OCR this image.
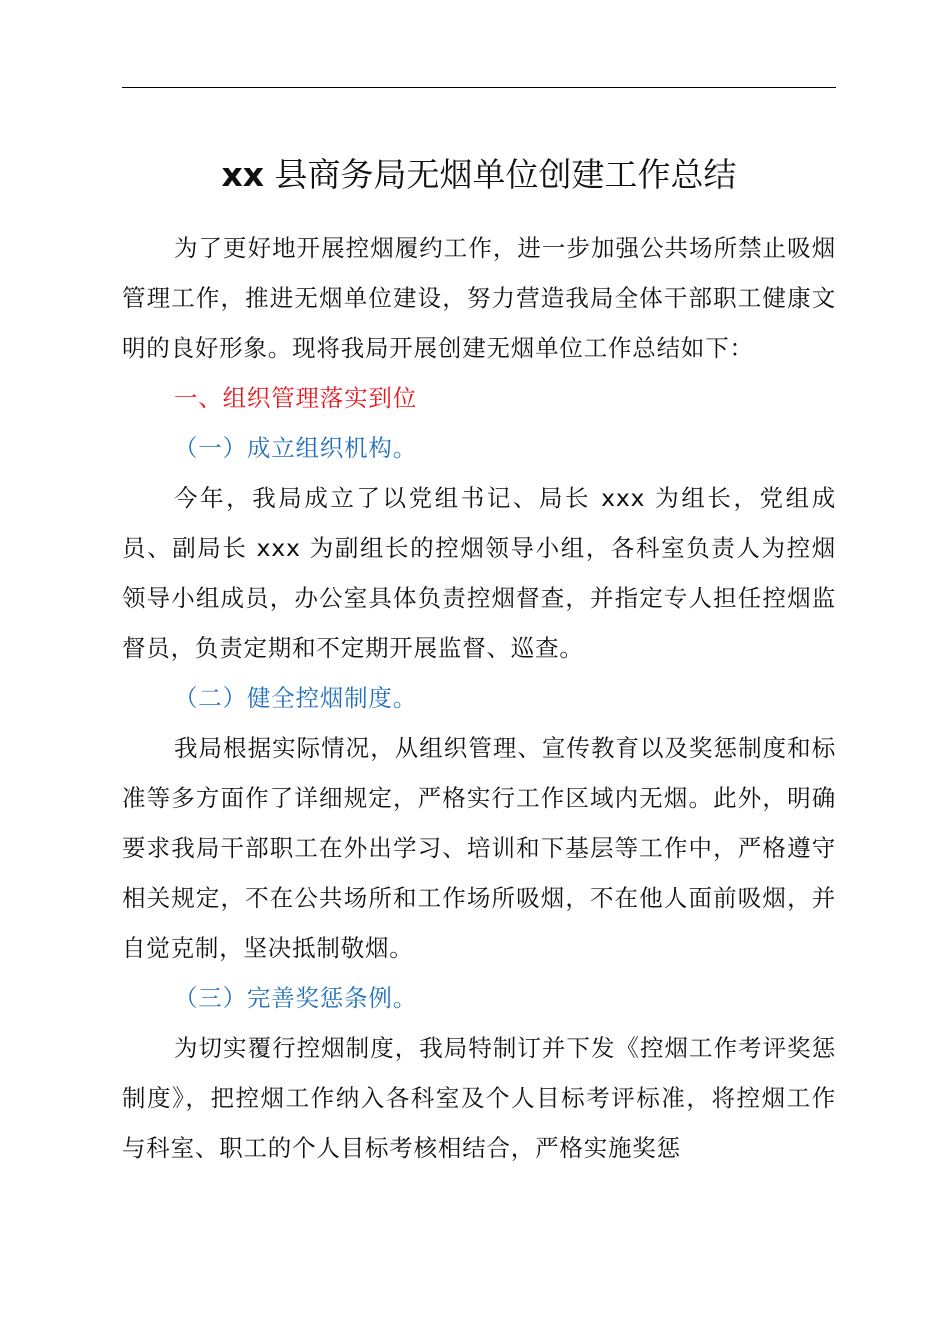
xx 县商务局无烟单位创建工作总结

为了更好地开展控烟履约工作，进一步加强公共场所禁止吸烟管理工作，推进无烟单位建设，努力营造我局全体干部职工健康文明的良好形象。现将我局开展创建无烟单位工作总结如下：

一、组织管理落实到位

（一）成立组织机构。

今年，我局成立了以党组书记、局长 xxx 为组长，党组成员、副局长 xxx 为副组长的控烟领导小组，各科室负责人为控烟领导小组成员，办公室具体负责控烟督查，并指定专人担任控烟监督员，负责定期和不定期开展监督、巡查。

（二）健全控烟制度。

我局根据实际情况，从组织管理、宣传教育以及奖惩制度和标准等多方面作了详细规定，严格实行工作区域内无烟。此外，明确要求我局干部职工在外出学习、培训和下基层等工作中，严格遵守相关规定，不在公共场所和工作场所吸烟，不在他人面前吸烟，并自觉克制，坚决抵制敬烟。

（三）完善奖惩条例。

为切实覆行控烟制度，我局特制订并下发《控烟工作考评奖惩制度》，把控烟工作纳入各科室及个人目标考评标准，将控烟工作与科室、职工的个人目标考核相结合，严格实施奖惩
